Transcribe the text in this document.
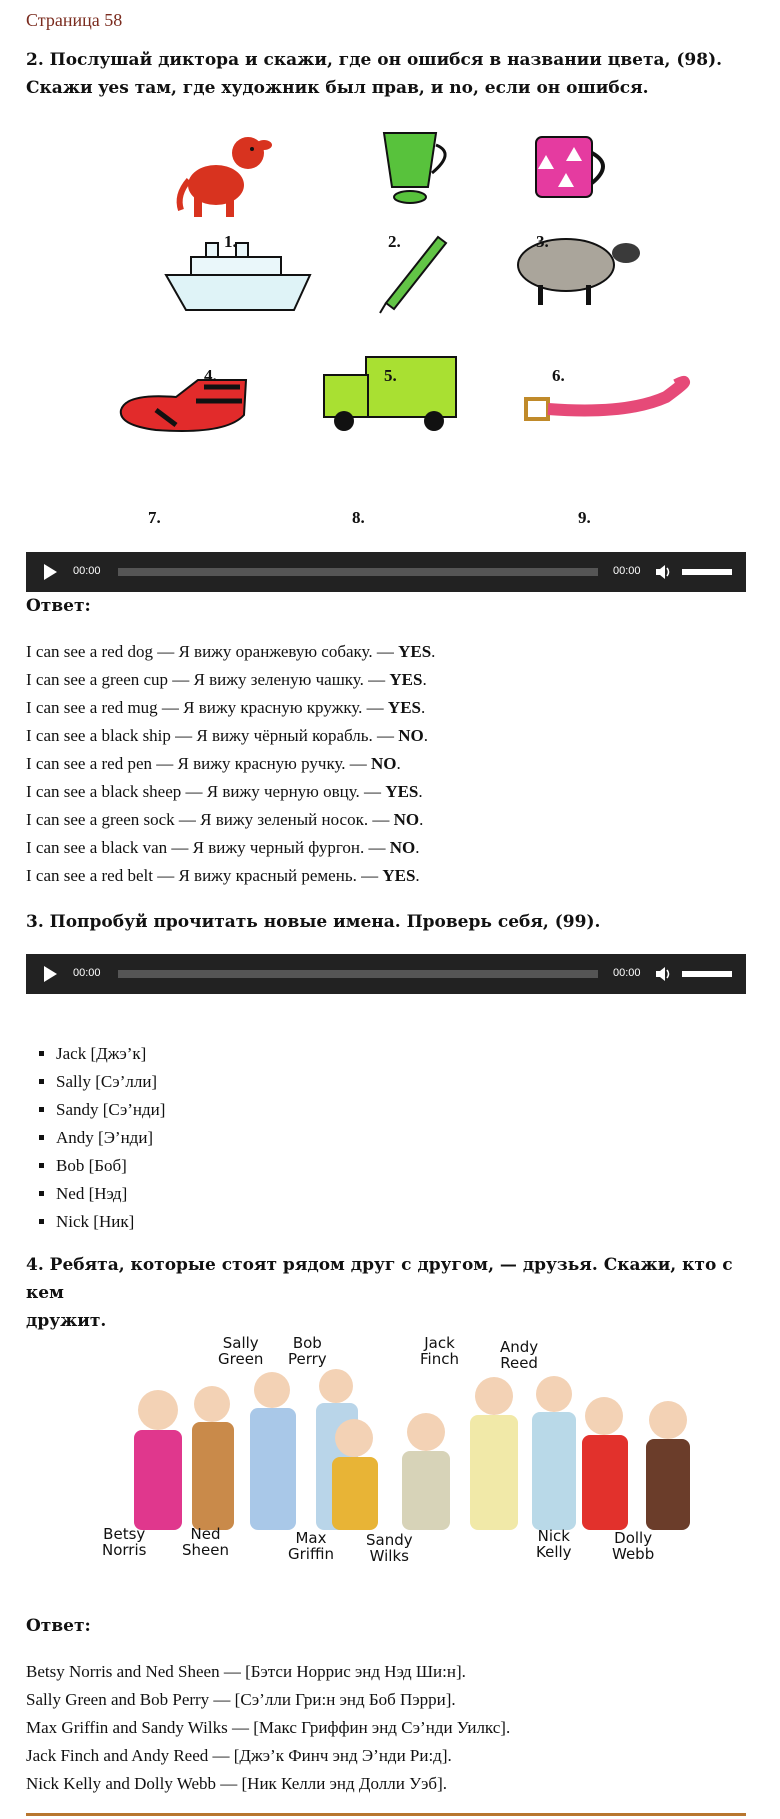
Страница 58
2. Послушай диктора и скажи, где он ошибся в названии цвета, (98).
Скажи yes там, где художник был прав, и no, если он ошибся.
1.	2.	3.
4.	5.	6.
7.	8.	9.
00:00	00:00
Ответ:
I can see a red dog — Я вижу оранжевую собаку. — YES.
I can see a green cup — Я вижу зеленую чашку. — YES.
I can see a red mug — Я вижу красную кружку. — YES.
I can see a black ship — Я вижу чёрный корабль. — NO.
I can see a red pen — Я вижу красную ручку. — NO.
I can see a black sheep — Я вижу черную овцу. — YES.
I can see a green sock — Я вижу зеленый носок. — NO.
I can see a black van — Я вижу черный фургон. — NO.
I can see a red belt — Я вижу красный ремень. — YES.
3. Попробуй прочитать новые имена. Проверь себя, (99).
00:00	00:00
▪ Jack [Джэ’к]
▪ Sally [Сэ’лли]
▪ Sandy [Сэ’нди]
▪ Andy [Э’нди]
▪ Bob [Боб]
▪ Ned [Нэд]
▪ Nick [Ник]
4. Ребята, которые стоят рядом друг с другом, — друзья. Скажи, кто с кем
дружит.
Sally
Green
Bob
Perry
Jack
Finch
Andy
Reed
Betsy
Norris
Ned
Sheen
Max
Griffin
Sandy
Wilks
Nick
Kelly
Dolly
Webb
Ответ:
Betsy Norris and Ned Sheen — [Бэтси Норрис энд Нэд Ши:н].
Sally Green and Bob Perry — [Сэ’лли Гри:н энд Боб Пэрри].
Max Griffin and Sandy Wilks — [Макс Гриффин энд Сэ’нди Уилкс].
Jack Finch and Andy Reed — [Джэ’к Финч энд Э’нди Ри:д].
Nick Kelly and Dolly Webb — [Ник Келли энд Долли Уэб].
